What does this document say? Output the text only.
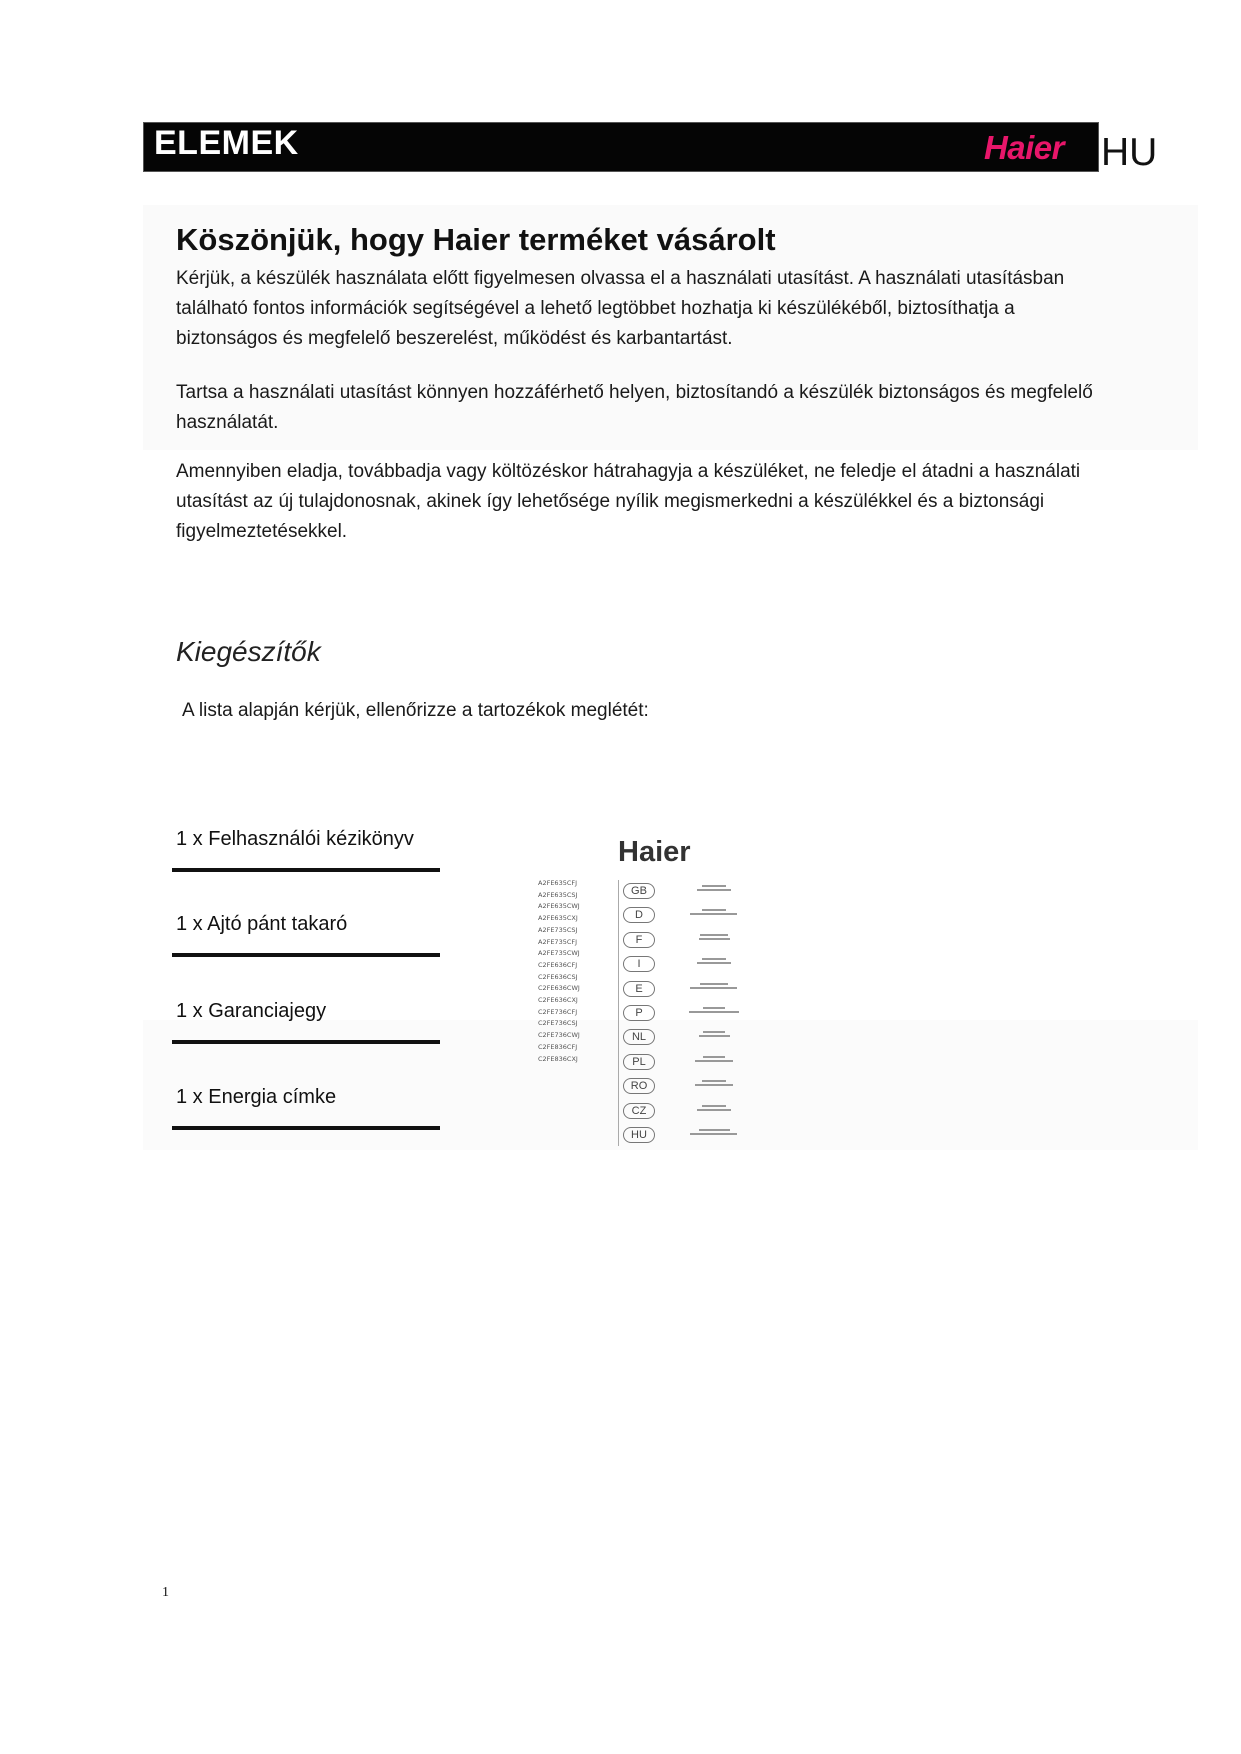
ELEMEK	Haier HU
Köszönjük, hogy Haier terméket vásárolt
Kérjük, a készülék használata előtt figyelmesen olvassa el a használati utasítást. A használati utasításban található fontos információk segítségével a lehető legtöbbet hozhatja ki készülékéből, biztosíthatja a biztonságos és megfelelő beszerelést, működést és karbantartást.
Tartsa a használati utasítást könnyen hozzáférhető helyen, biztosítandó a készülék biztonságos és megfelelő használatát.
Amennyiben eladja, továbbadja vagy költözéskor hátrahagyja a készüléket, ne feledje el átadni a használati utasítást az új tulajdonosnak, akinek így lehetősége nyílik megismerkedni a készülékkel és a biztonsági figyelmeztetésekkel.
Kiegészítők
A lista alapján kérjük, ellenőrizze a tartozékok meglétét:
1 x Felhasználói kézikönyv
1 x Ajtó pánt takaró
1 x Garanciajegy
1 x Energia címke
Haier
A2FE635CFJ
A2FE635CSJ
A2FE635CWJ
A2FE635CXJ
A2FE735CSJ
A2FE735CFJ
A2FE735CWJ
C2FE636CFJ
C2FE636CSJ
C2FE636CWJ
C2FE636CXJ
C2FE736CFJ
C2FE736CSJ
C2FE736CWJ
C2FE836CFJ
C2FE836CXJ
GB
D
F
I
E
P
NL
PL
RO
CZ
HU
1
